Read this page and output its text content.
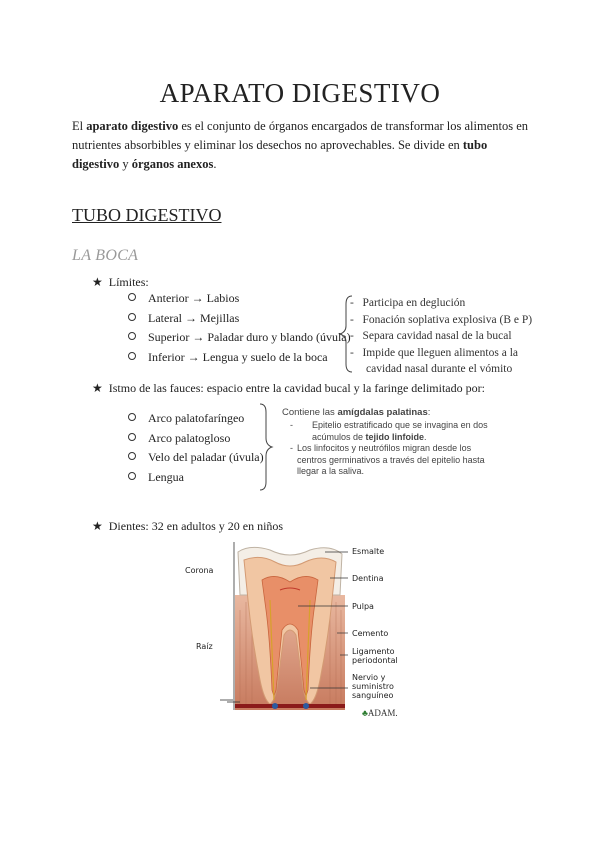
APARATO DIGESTIVO
El aparato digestivo es el conjunto de órganos encargados de transformar los alimentos en nutrientes absorbibles y eliminar los desechos no aprovechables. Se divide en tubo digestivo y órganos anexos.
TUBO DIGESTIVO
LA BOCA
★ Límites:
Anterior → Labios
Lateral → Mejillas
Superior → Paladar duro y blando (úvula)
Inferior → Lengua y suelo de la boca
-   Participa en deglución
-   Fonación soplativa explosiva (B e P)
-   Separa cavidad nasal de la bucal
-   Impide que lleguen alimentos a la
cavidad nasal durante el vómito
★ Istmo de las fauces: espacio entre la cavidad bucal y la faringe delimitado por:
Arco palatofaríngeo
Arco palatogloso
Velo del paladar (úvula)
Lengua
Contiene las amígdalas palatinas:
- Epitelio estratificado que se invagina en dos acúmulos de tejido linfoide.
- Los linfocitos y neutrófilos migran desde los centros germinativos a través del epitelio hasta llegar a la saliva.
★ Dientes: 32 en adultos y 20 en niños
Corona
Raíz
Esmalte
Dentina
Pulpa
Cemento
Ligamento
periodontal
Nervio y
suministro
sanguíneo
♣ADAM.
